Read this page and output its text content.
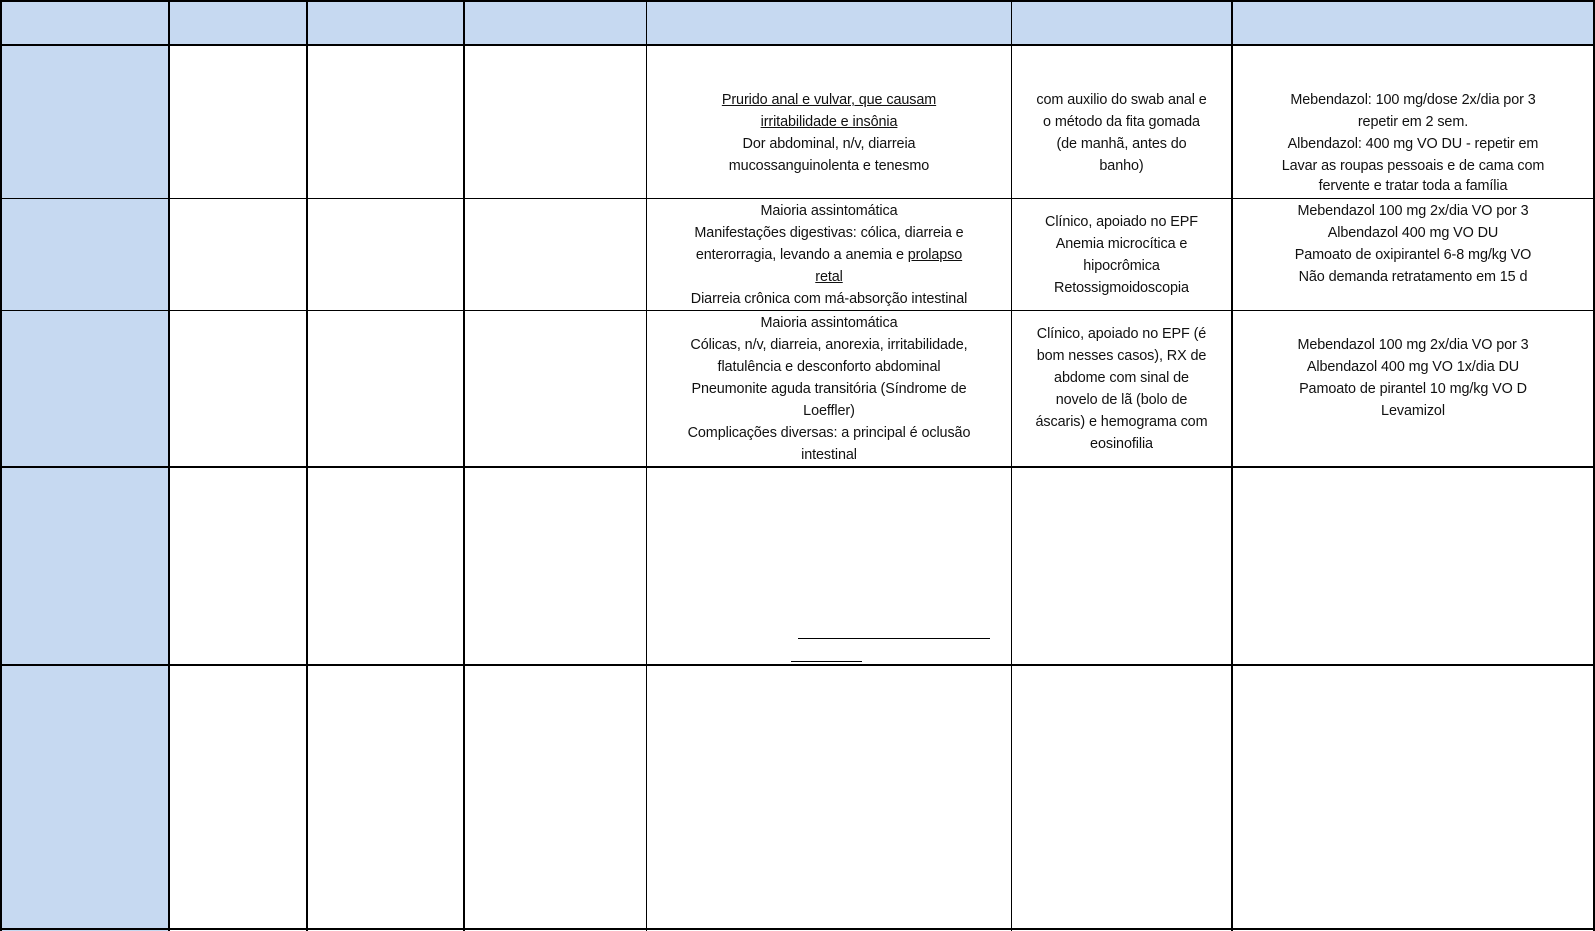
Prurido anal e vulvar, que causam
irritabilidade e insônia
Dor abdominal, n/v, diarreia
mucossanguinolenta e tenesmo
com auxilio do swab anal e
o método da fita gomada
(de manhã, antes do
banho)
Mebendazol: 100 mg/dose 2x/dia por 3
repetir em 2 sem.
Albendazol: 400 mg VO DU - repetir em
Lavar as roupas pessoais e de cama com
fervente e tratar toda a família
Maioria assintomática
Manifestações digestivas: cólica, diarreia e
enterorragia, levando a anemia e prolapso
retal
Diarreia crônica com má-absorção intestinal
Clínico, apoiado no EPF
Anemia microcítica e
hipocrômica
Retossigmoidoscopia
Mebendazol 100 mg 2x/dia VO por 3
Albendazol 400 mg VO DU
Pamoato de oxipirantel 6-8 mg/kg VO
Não demanda retratamento em 15 d
Maioria assintomática
Cólicas, n/v, diarreia, anorexia, irritabilidade,
flatulência e desconforto abdominal
Pneumonite aguda transitória (Síndrome de
Loeffler)
Complicações diversas: a principal é oclusão
intestinal
Clínico, apoiado no EPF (é
bom nesses casos), RX de
abdome com sinal de
novelo de lã (bolo de
áscaris) e hemograma com
eosinofilia
Mebendazol 100 mg 2x/dia VO por 3
Albendazol 400 mg VO 1x/dia DU
Pamoato de pirantel 10 mg/kg VO D
Levamizol
